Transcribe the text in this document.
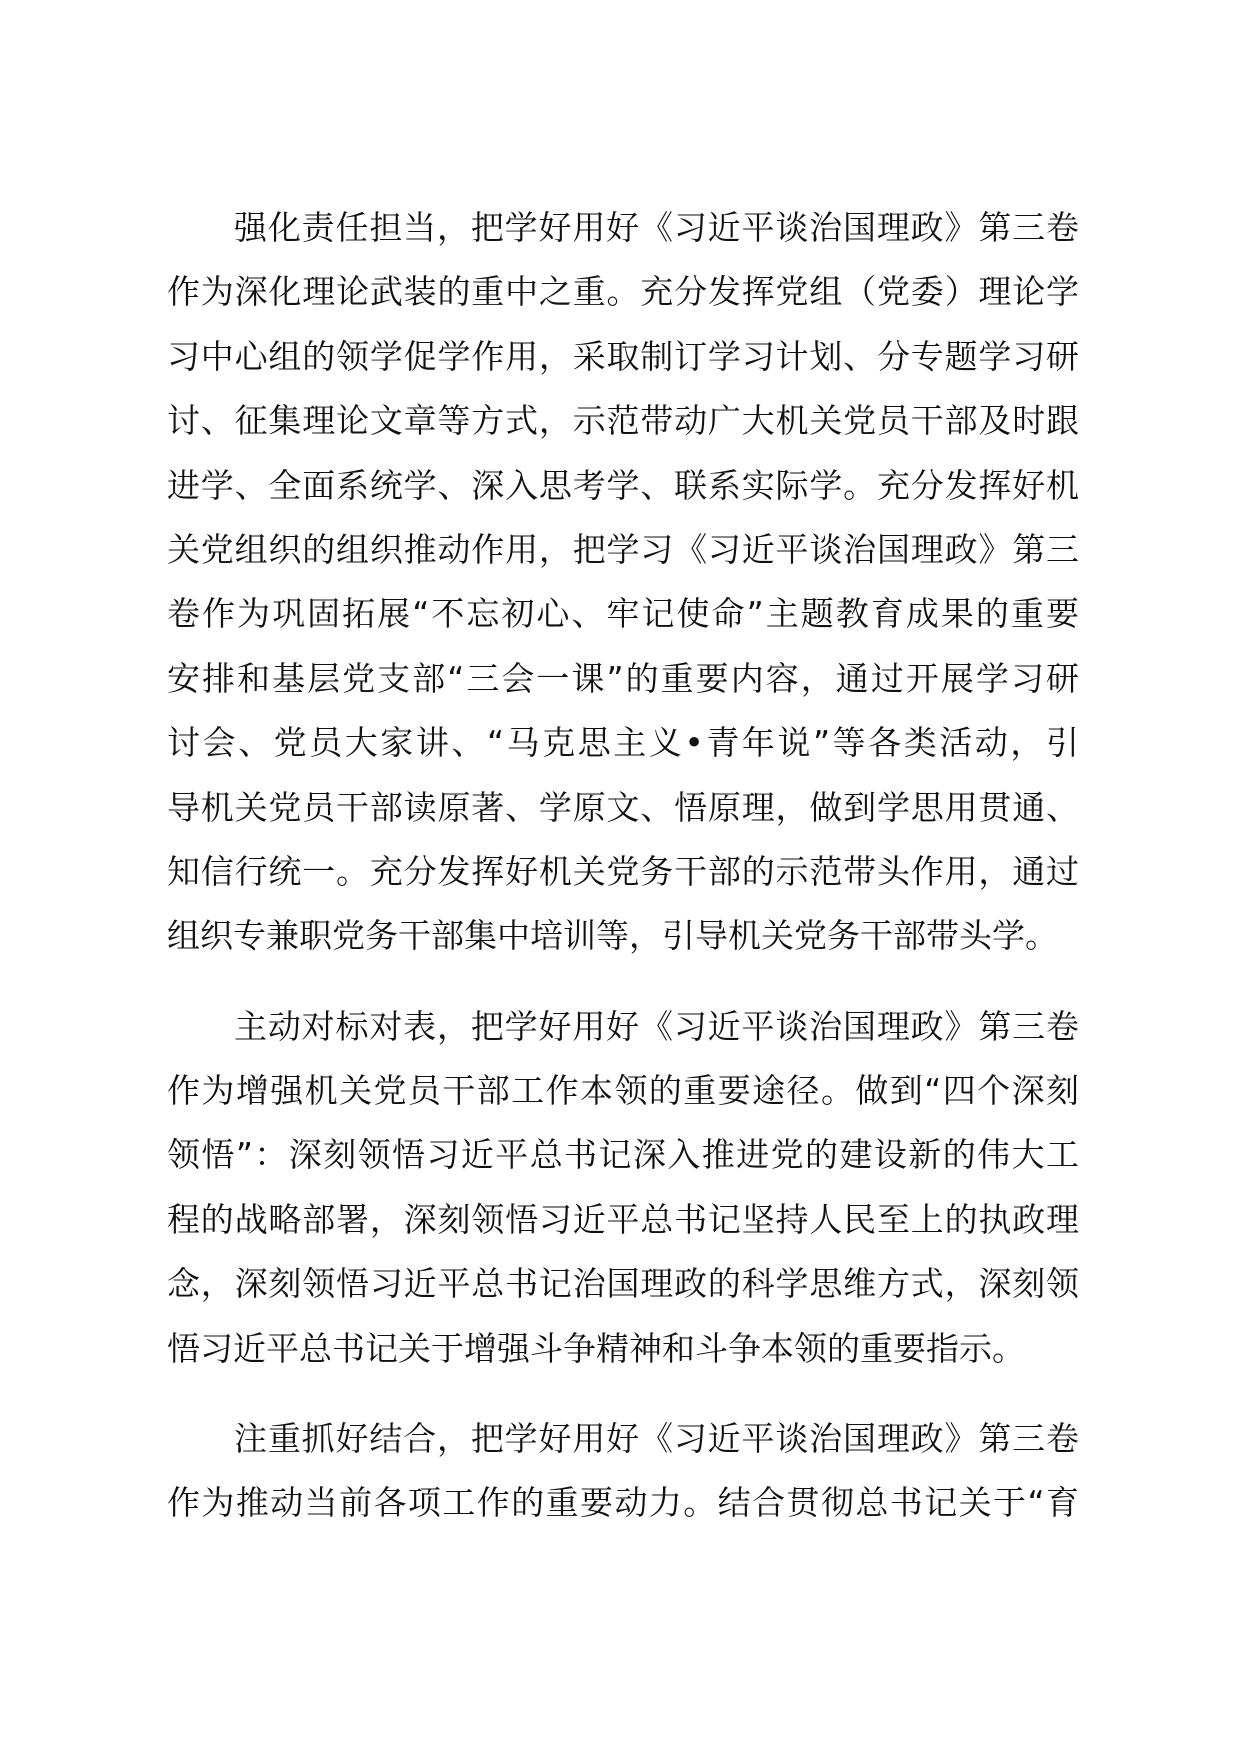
强化责任担当，把学好用好《习近平谈治国理政》第三卷
作为深化理论武装的重中之重。充分发挥党组（党委）理论学
习中心组的领学促学作用，采取制订学习计划、分专题学习研
讨、征集理论文章等方式，示范带动广大机关党员干部及时跟
进学、全面系统学、深入思考学、联系实际学。充分发挥好机
关党组织的组织推动作用，把学习《习近平谈治国理政》第三
卷作为巩固拓展“不忘初心、牢记使命”主题教育成果的重要
安排和基层党支部“三会一课”的重要内容，通过开展学习研
讨会、党员大家讲、“马克思主义•青年说”等各类活动，引
导机关党员干部读原著、学原文、悟原理，做到学思用贯通、
知信行统一。充分发挥好机关党务干部的示范带头作用，通过
组织专兼职党务干部集中培训等，引导机关党务干部带头学。
主动对标对表，把学好用好《习近平谈治国理政》第三卷
作为增强机关党员干部工作本领的重要途径。做到“四个深刻
领悟”：深刻领悟习近平总书记深入推进党的建设新的伟大工
程的战略部署，深刻领悟习近平总书记坚持人民至上的执政理
念，深刻领悟习近平总书记治国理政的科学思维方式，深刻领
悟习近平总书记关于增强斗争精神和斗争本领的重要指示。
注重抓好结合，把学好用好《习近平谈治国理政》第三卷
作为推动当前各项工作的重要动力。结合贯彻总书记关于“育
